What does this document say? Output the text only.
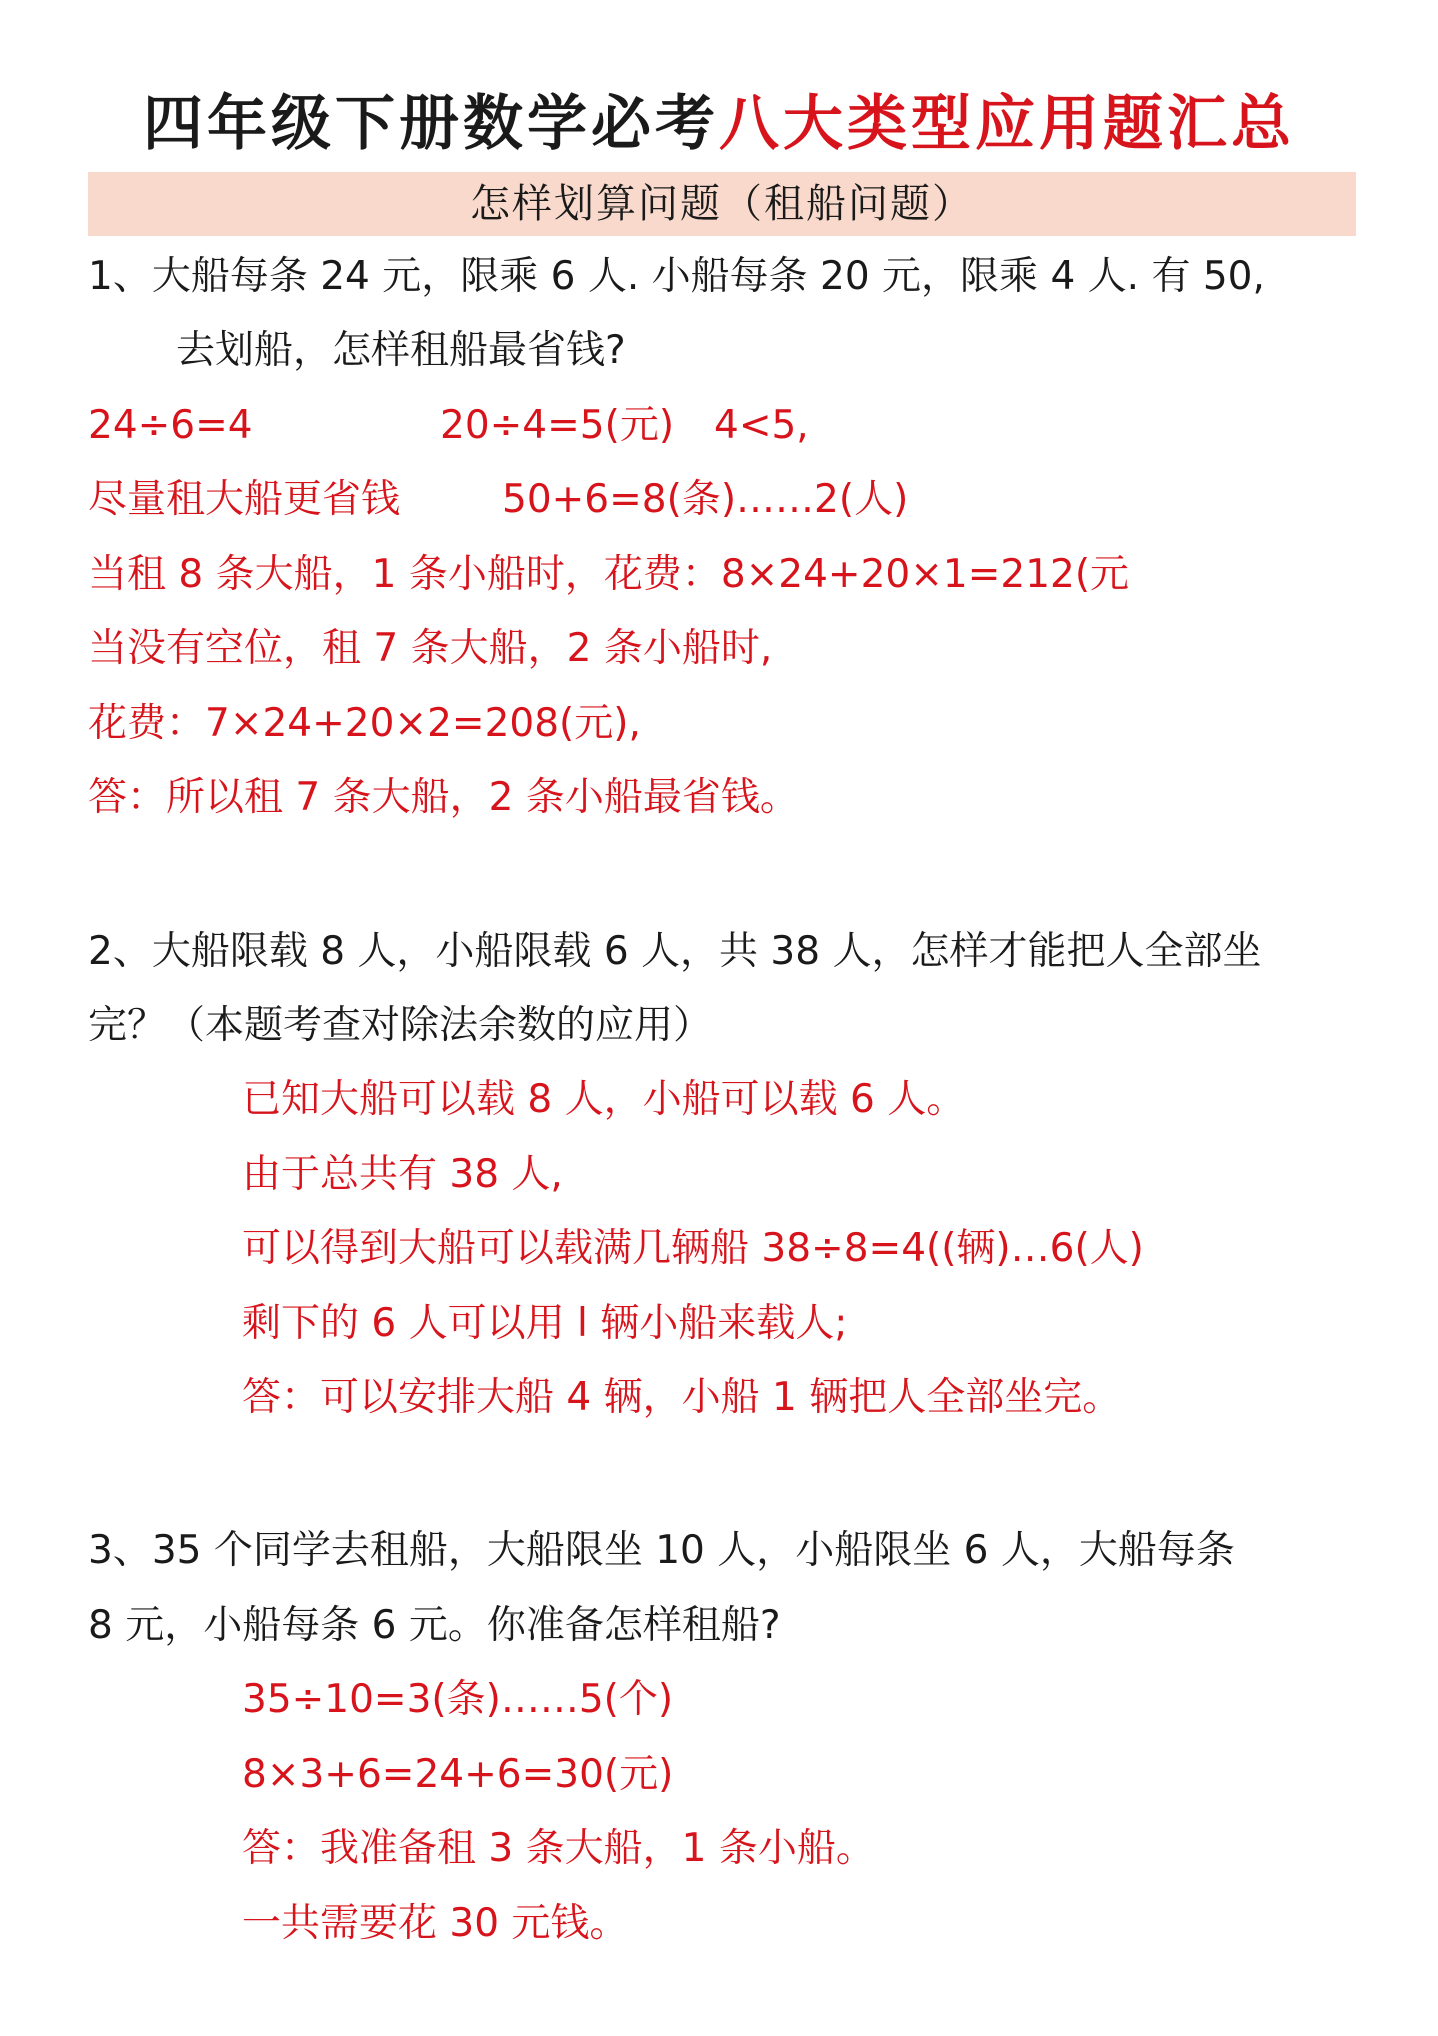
四年级下册数学必考八大类型应用题汇总
怎样划算问题（租船问题）
1、大船每条 24 元，限乘 6 人. 小船每条 20 元，限乘 4 人. 有 50,
去划船，怎样租船最省钱?
24÷6=4	20÷4=5(元) 4<5,
尽量租大船更省钱	50+6=8(条)……2(人)
当租 8 条大船，1 条小船时，花费：8×24+20×1=212(元
当没有空位，租 7 条大船，2 条小船时,
花费：7×24+20×2=208(元),
答：所以租 7 条大船，2 条小船最省钱。
2、大船限载 8 人，小船限载 6 人，共 38 人，怎样才能把人全部坐
完？（本题考查对除法余数的应用）
已知大船可以载 8 人，小船可以载 6 人。
由于总共有 38 人,
可以得到大船可以载满几辆船 38÷8=4((辆)…6(人)
剩下的 6 人可以用 l 辆小船来载人;
答：可以安排大船 4 辆，小船 1 辆把人全部坐完。
3、35 个同学去租船，大船限坐 10 人，小船限坐 6 人，大船每条
8 元，小船每条 6 元。你准备怎样租船?
35÷10=3(条)……5(个)
8×3+6=24+6=30(元)
答：我准备租 3 条大船，1 条小船。
一共需要花 30 元钱。
